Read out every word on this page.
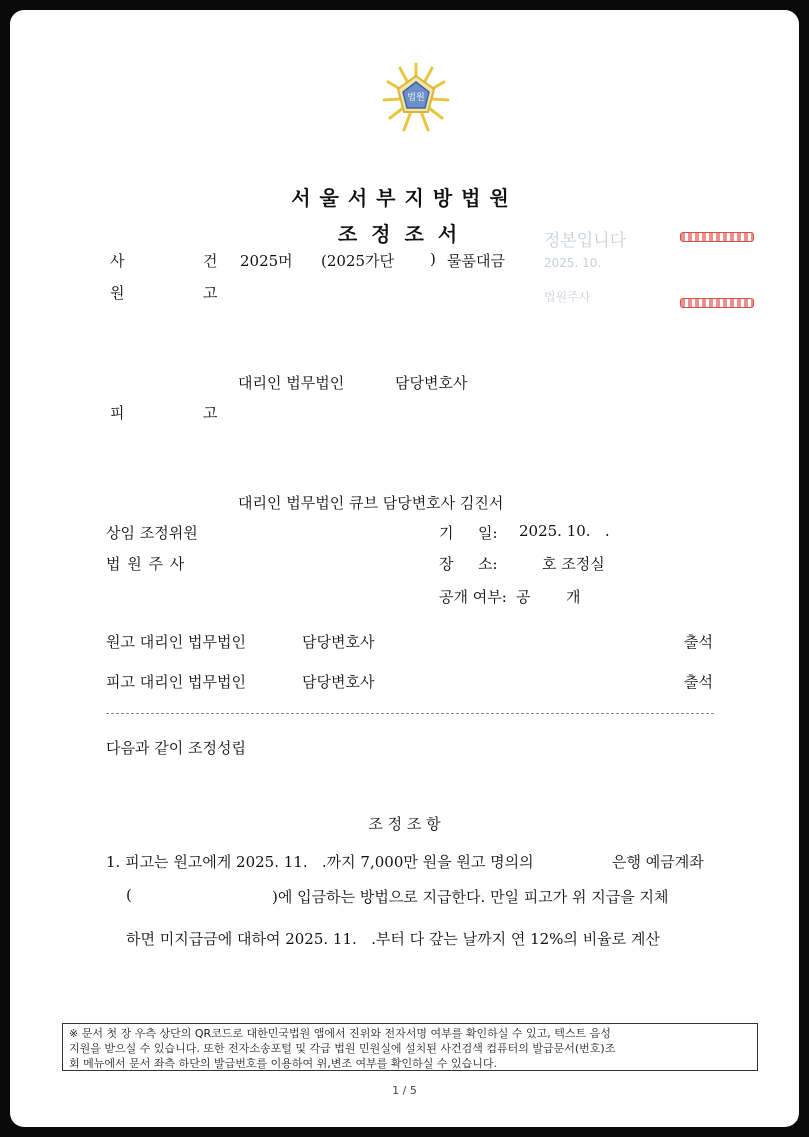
법원
서울서부지방법원
조정조서	정본입니다
2025. 10.
법원주사
사	건 2025머 (2025가단 ) 물품대금
원	고
대리인 법무법인	담당변호사
피	고
대리인 법무법인 큐브 담당변호사 김진서
상임 조정위원
법 원 주 사
기 일: 2025. 10.   .
장 소:	호 조정실
공개 여부: 공 개
원고 대리인 법무법인	담당변호사	출석
피고 대리인 법무법인	담당변호사	출석
다음과 같이 조정성립
조 정 조 항
1. 피고는 원고에게 2025. 11.   .까지 7,000만 원을 원고 명의의	은행 예금계좌
(	)에 입금하는 방법으로 지급한다. 만일 피고가 위 지급을 지체
하면 미지급금에 대하여 2025. 11.   .부터 다 갚는 날까지 연 12%의 비율로 계산
※ 문서 첫 장 우측 상단의 QR코드로 대한민국법원 앱에서 진위와 전자서명 여부를 확인하실 수 있고, 텍스트 음성
지원을 받으실 수 있습니다. 또한 전자소송포털 및 각급 법원 민원실에 설치된 사건검색 컴퓨터의 발급문서(번호)조
회 메뉴에서 문서 좌측 하단의 발급번호를 이용하여 위,변조 여부를 확인하실 수 있습니다.
1 / 5
